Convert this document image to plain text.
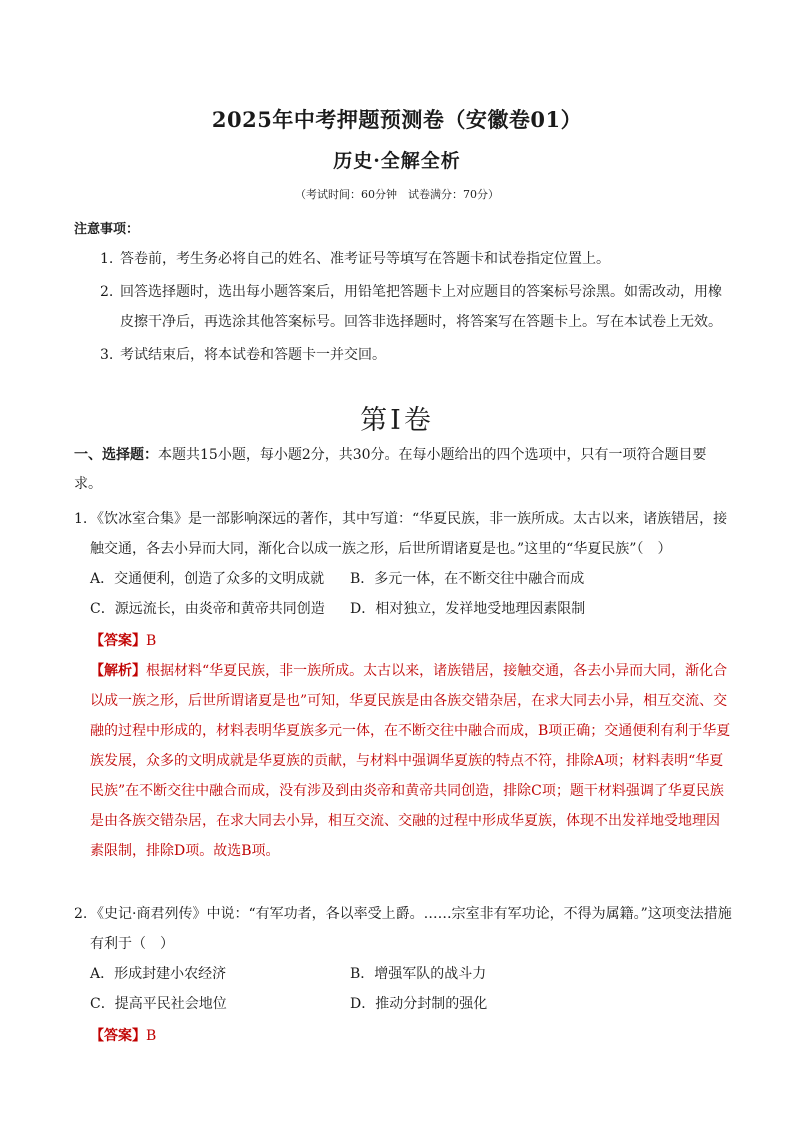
2025年中考押题预测卷（安徽卷01）
历史·全解全析
（考试时间：60分钟　试卷满分：70分）
注意事项：
1. 答卷前，考生务必将自己的姓名、准考证号等填写在答题卡和试卷指定位置上。
2. 回答选择题时，选出每小题答案后，用铅笔把答题卡上对应题目的答案标号涂黑。如需改动，用橡皮擦干净后，再选涂其他答案标号。回答非选择题时，将答案写在答题卡上。写在本试卷上无效。
3. 考试结束后，将本试卷和答题卡一并交回。
第Ⅰ卷
一、选择题：本题共15小题，每小题2分，共30分。在每小题给出的四个选项中，只有一项符合题目要求。
1. 《饮冰室合集》是一部影响深远的著作，其中写道：“华夏民族，非一族所成。太古以来，诸族错居，接触交通，各去小异而大同，渐化合以成一族之形，后世所谓诸夏是也。”这里的“华夏民族”（　）
A．交通便利，创造了众多的文明成就	B．多元一体，在不断交往中融合而成
C．源远流长，由炎帝和黄帝共同创造	D．相对独立，发祥地受地理因素限制
【答案】B
【解析】根据材料“华夏民族，非一族所成。太古以来，诸族错居，接触交通，各去小异而大同，渐化合以成一族之形，后世所谓诸夏是也”可知，华夏民族是由各族交错杂居，在求大同去小异，相互交流、交融的过程中形成的，材料表明华夏族多元一体，在不断交往中融合而成，B项正确；交通便利有利于华夏族发展，众多的文明成就是华夏族的贡献，与材料中强调华夏族的特点不符，排除A项；材料表明“华夏民族”在不断交往中融合而成，没有涉及到由炎帝和黄帝共同创造，排除C项；题干材料强调了华夏民族是由各族交错杂居，在求大同去小异，相互交流、交融的过程中形成华夏族，体现不出发祥地受地理因素限制，排除D项。故选B项。
2. 《史记·商君列传》中说：“有军功者，各以率受上爵。……宗室非有军功论，不得为属籍。”这项变法措施有利于（　）
A．形成封建小农经济	B．增强军队的战斗力
C．提高平民社会地位	D．推动分封制的强化
【答案】B
